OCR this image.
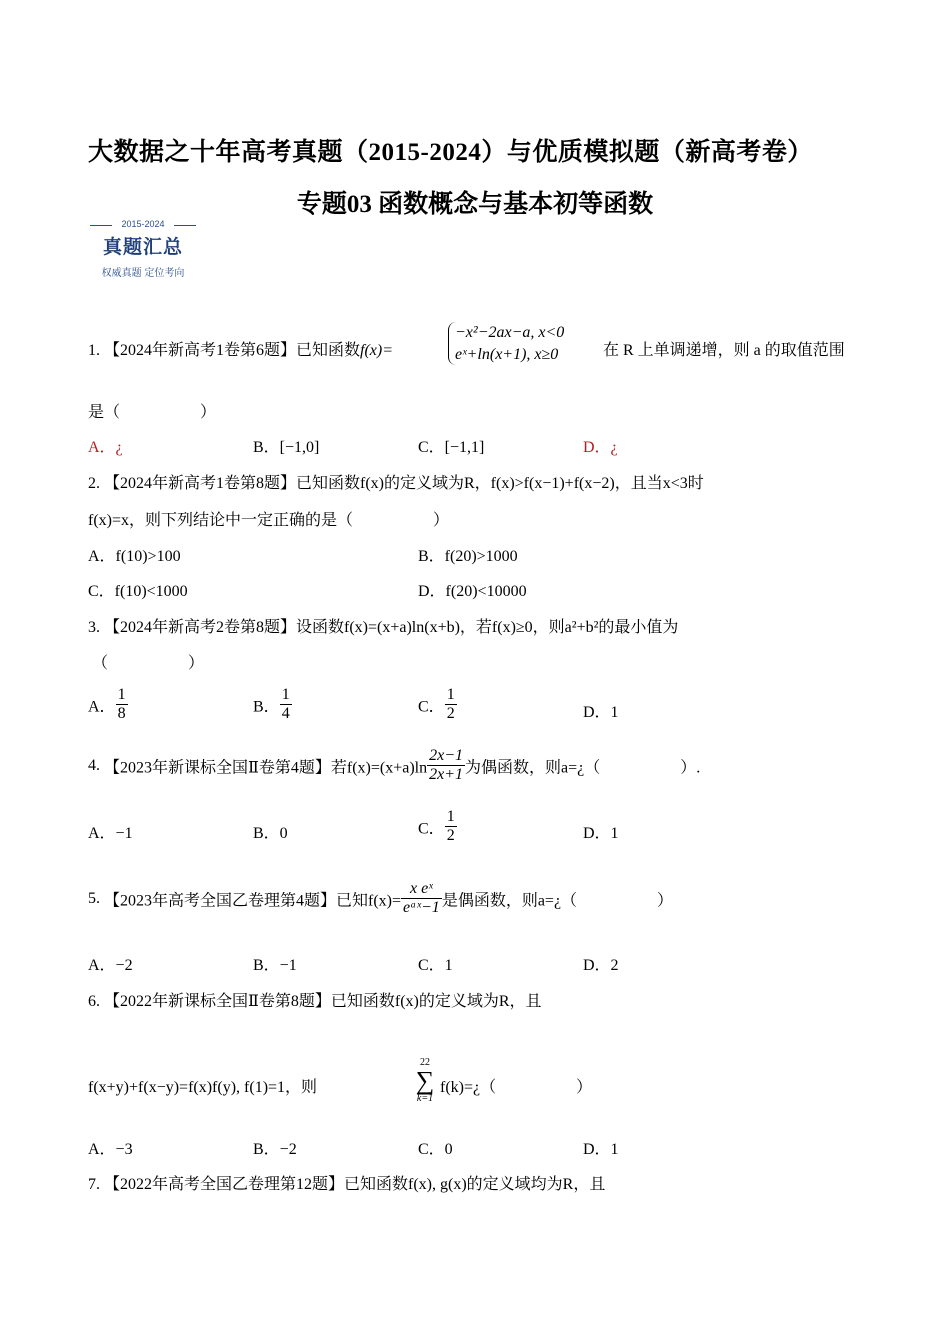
大数据之十年高考真题（2015-2024）与优质模拟题（新高考卷）
专题03 函数概念与基本初等函数
2015-2024
真题汇总
权威真题 定位考向
1. 【2024年新高考1卷第6题】已知函数f(x)=
−x²−2ax−a, x<0
eˣ+ln(x+1), x≥0	在 R 上单调递增，则 a 的取值范围
是（　　　　　）
A．¿	B．[−1,0]	C．[−1,1]	D．¿
2. 【2024年新高考1卷第8题】已知函数f(x)的定义域为R，f(x)>f(x−1)+f(x−2)，且当x<3时
f(x)=x，则下列结论中一定正确的是（　　　　　）
A．f(10)>100	B．f(20)>1000
C．f(10)<1000	D．f(20)<10000
3. 【2024年新高考2卷第8题】设函数f(x)=(x+a)ln(x+b)，若f(x)≥0，则a²+b²的最小值为
（　　　　　）
A． $\frac{1}{8}$	B． $\frac{1}{4}$	C． $\frac{1}{2}$	D．1
4. 【2023年新课标全国Ⅱ卷第4题】若$f(x)=(x+a)\ln \frac{2x-1}{2x+1}$ 为偶函数，则a=¿（　　　　　）.
A．−1	B．0	C． $\frac{1}{2}$	D．1
5. 【2023年高考全国乙卷理第4题】已知$f(x)= \frac{\text{x eˣ}}{\text{eᵃˣ−1}}$ 是偶函数，则a=¿（　　　　　）
A．−2	B．−1	C．1	D．2
6. 【2022年新课标全国Ⅱ卷第8题】已知函数f(x)的定义域为R，且
f(x+y)+f(x−y)=f(x)f(y), f(1)=1，则
22
∑
k=1
f(k)=¿（　　　　　）
A．−3	B．−2	C．0	D．1
7. 【2022年高考全国乙卷理第12题】已知函数f(x), g(x)的定义域均为R，且
